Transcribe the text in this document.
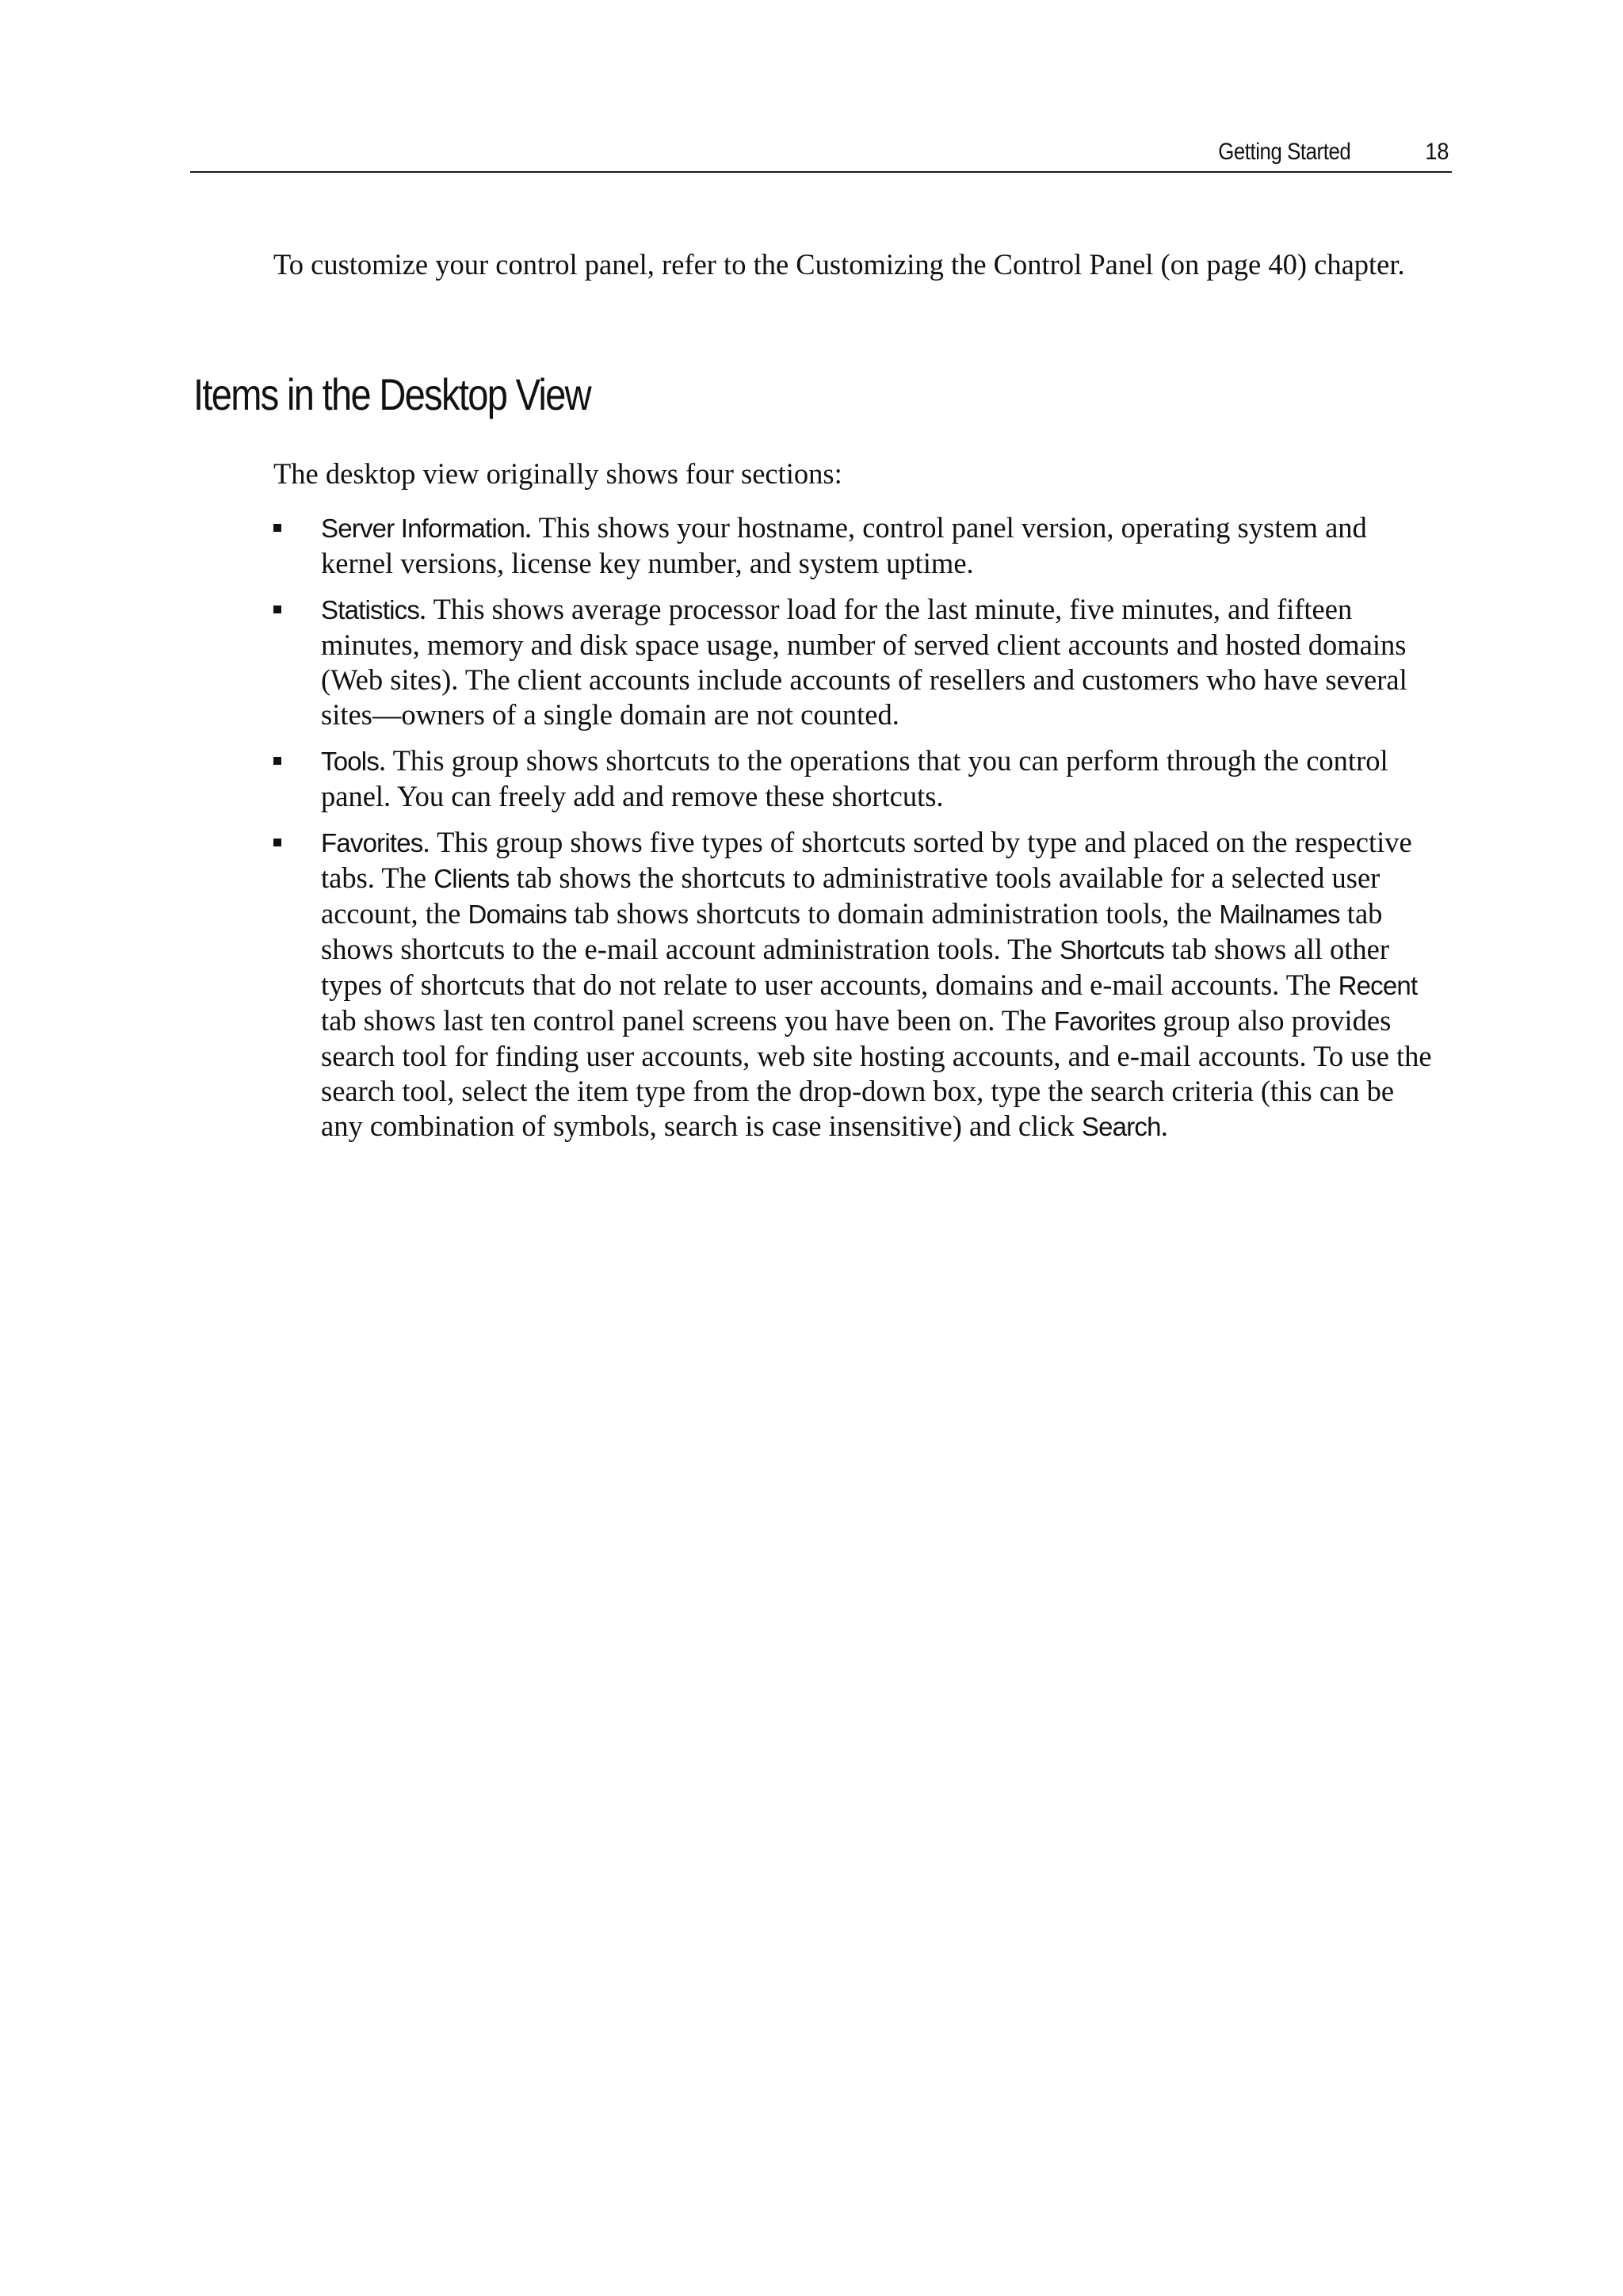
Getting Started	18

To customize your control panel, refer to the Customizing the Control Panel (on page 40) chapter.

Items in the Desktop View

The desktop view originally shows four sections:

Server Information. This shows your hostname, control panel version, operating system and kernel versions, license key number, and system uptime.
Statistics. This shows average processor load for the last minute, five minutes, and fifteen minutes, memory and disk space usage, number of served client accounts and hosted domains (Web sites). The client accounts include accounts of resellers and customers who have several sites—owners of a single domain are not counted.
Tools. This group shows shortcuts to the operations that you can perform through the control panel. You can freely add and remove these shortcuts.
Favorites. This group shows five types of shortcuts sorted by type and placed on the respective tabs. The Clients tab shows the shortcuts to administrative tools available for a selected user account, the Domains tab shows shortcuts to domain administration tools, the Mailnames tab shows shortcuts to the e-mail account administration tools. The Shortcuts tab shows all other types of shortcuts that do not relate to user accounts, domains and e-mail accounts. The Recent tab shows last ten control panel screens you have been on. The Favorites group also provides search tool for finding user accounts, web site hosting accounts, and e-mail accounts. To use the search tool, select the item type from the drop-down box, type the search criteria (this can be any combination of symbols, search is case insensitive) and click Search.
